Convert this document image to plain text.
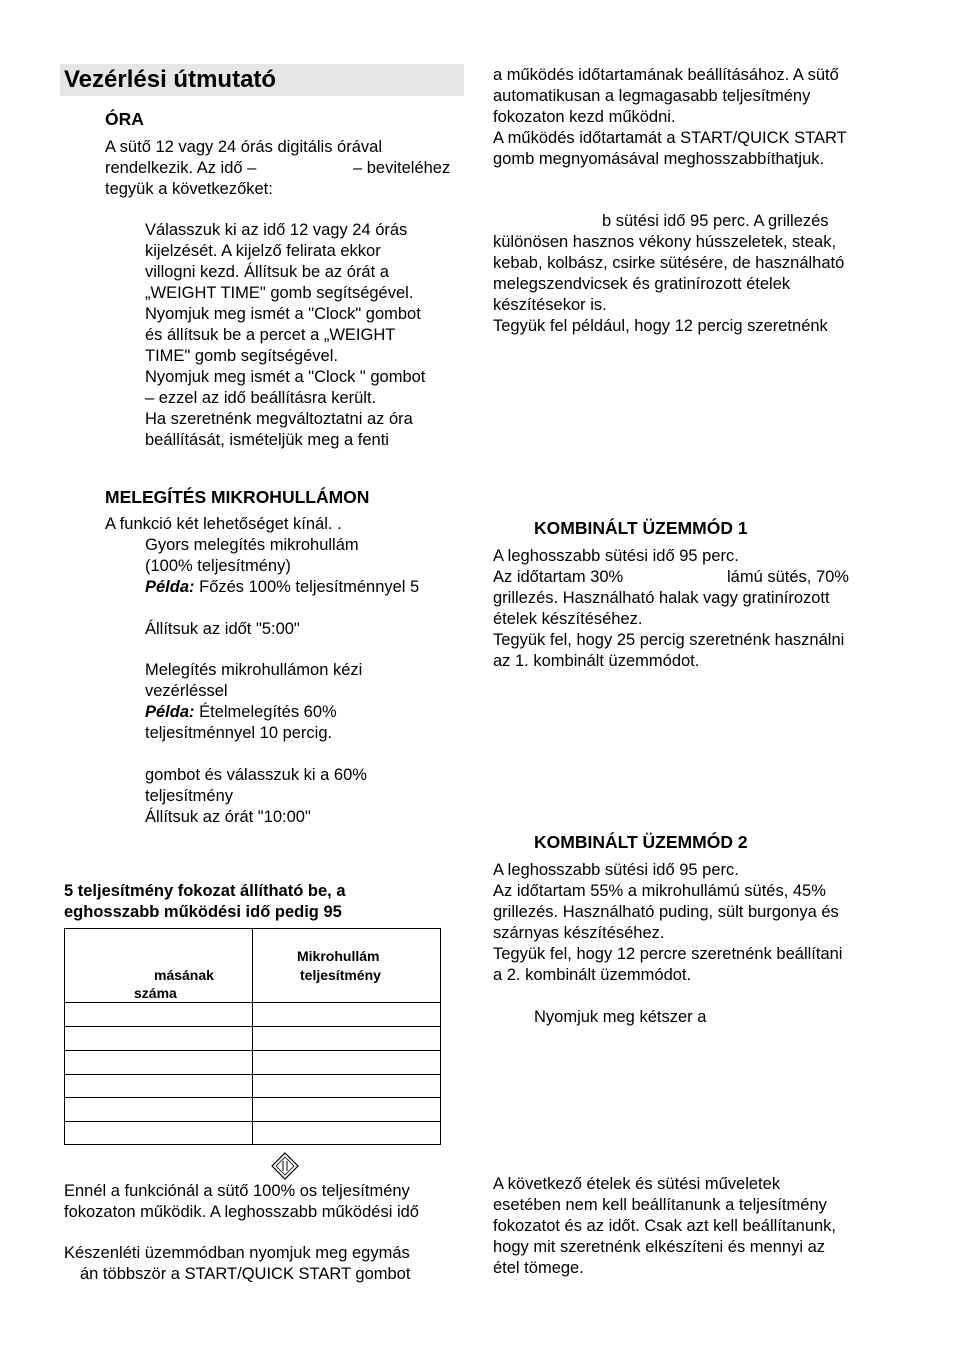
Vezérlési útmutató
ÓRA
A sütő 12 vagy 24 órás digitális órával
rendelkezik. Az idő –	– beviteléhez
tegyük a következőket:
Válasszuk ki az idő 12 vagy 24 órás
kijelzését. A kijelző felirata ekkor
villogni kezd. Állítsuk be az órát a
„WEIGHT TIME" gomb segítségével.
Nyomjuk meg ismét a "Clock" gombot
és állítsuk be a percet a „WEIGHT
TIME" gomb segítségével.
Nyomjuk meg ismét a "Clock " gombot
– ezzel az idő beállításra került.
Ha szeretnénk megváltoztatni az óra
beállítását, ismételjük meg a fenti
MELEGÍTÉS MIKROHULLÁMON
A funkció két lehetőséget kínál. .
Gyors melegítés mikrohullám
(100% teljesítmény)
Példa: Főzés 100% teljesítménnyel 5
Állítsuk az időt "5:00"
Melegítés mikrohullámon kézi
vezérléssel
Példa: Ételmelegítés 60%
teljesítménnyel 10 percig.
gombot és válasszuk ki a 60%
teljesítmény
Állítsuk az órát "10:00"
5 teljesítmény fokozat állítható be, a
eghosszabb működési idő pedig 95
másának
száma
Mikrohullám
teljesítmény
Ennél a funkciónál a sütő 100% os teljesítmény
fokozaton működik. A leghosszabb működési idő
Készenléti üzemmódban nyomjuk meg egymás
án többször a START/QUICK START gombot
a működés időtartamának beállításához. A sütő
automatikusan a legmagasabb teljesítmény
fokozaton kezd működni.
A működés időtartamát a START/QUICK START
gomb megnyomásával meghosszabbíthatjuk.
b sütési idő 95 perc. A grillezés
különösen hasznos vékony hússzeletek, steak,
kebab, kolbász, csirke sütésére, de használható
melegszendvicsek és gratinírozott ételek
készítésekor is.
Tegyük fel például, hogy 12 percig szeretnénk
KOMBINÁLT ÜZEMMÓD 1
A leghosszabb sütési idő 95 perc.
Az időtartam 30%	lámú sütés, 70%
grillezés. Használható halak vagy gratinírozott
ételek készítéséhez.
Tegyük fel, hogy 25 percig szeretnénk használni
az 1. kombinált üzemmódot.
KOMBINÁLT ÜZEMMÓD 2
A leghosszabb sütési idő 95 perc.
Az időtartam 55% a mikrohullámú sütés, 45%
grillezés. Használható puding, sült burgonya és
szárnyas készítéséhez.
Tegyük fel, hogy 12 percre szeretnénk beállítani
a 2. kombinált üzemmódot.
Nyomjuk meg kétszer a
A következő ételek és sütési műveletek
esetében nem kell beállítanunk a teljesítmény
fokozatot és az időt. Csak azt kell beállítanunk,
hogy mit szeretnénk elkészíteni és mennyi az
étel tömege.
